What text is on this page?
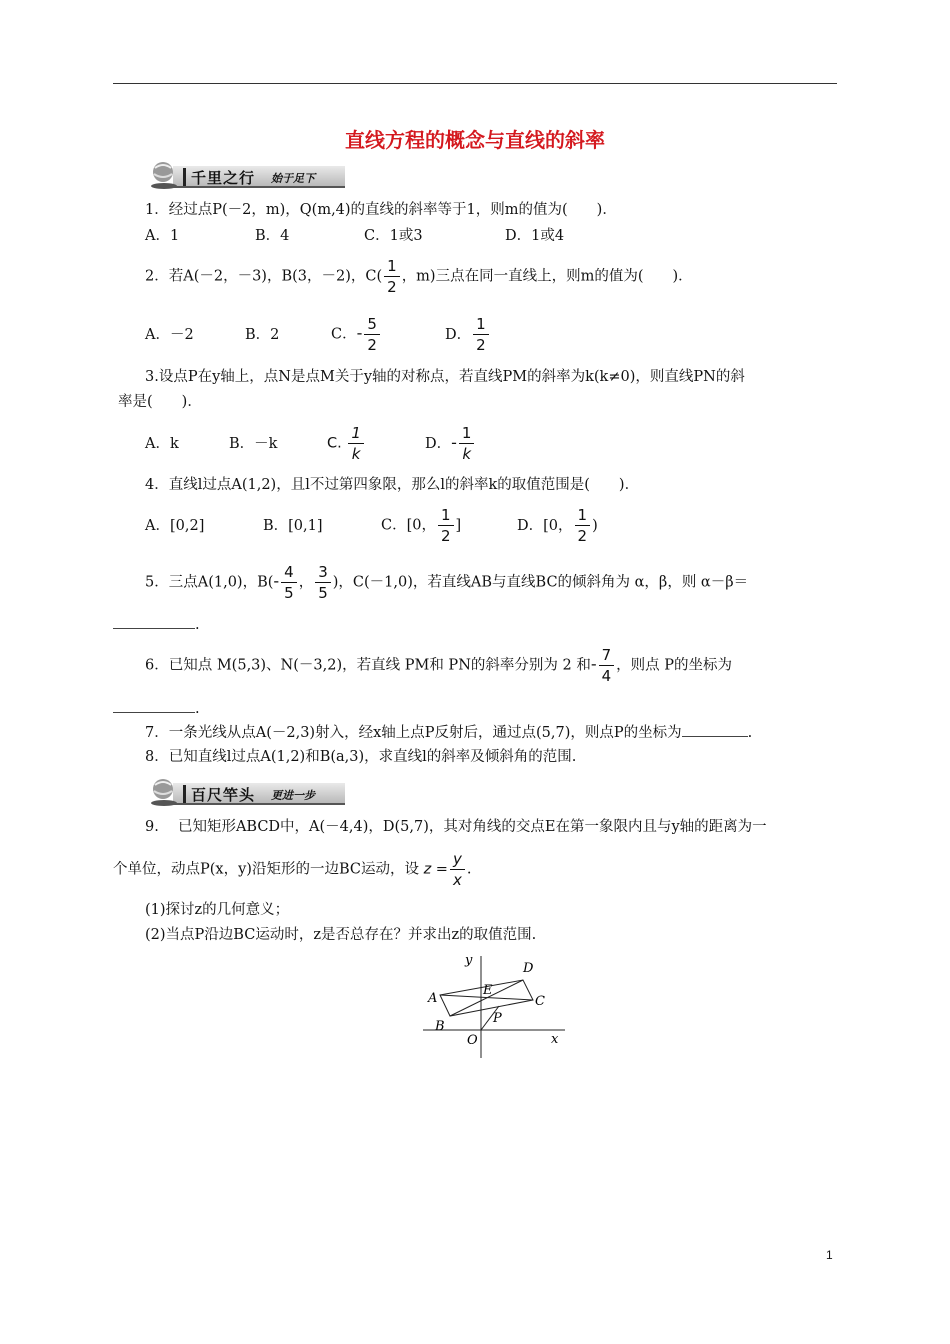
直线方程的概念与直线的斜率
千里之行 始于足下
1．经过点P(－2，m)，Q(m,4)的直线的斜率等于1，则m的值为(　　)．
A．1	B．4	C．1或3	D．1或4
2．若A(－2，－3)，B(3，－2)，$C( \frac{1}{2}$ ，m)三点在同一直线上，则m的值为(　　)．
A．－2	B．2	C．- $\frac{5}{2}$	D． $\frac{1}{2}$
3.设点P在y轴上，点N是点M关于y轴的对称点，若直线PM的斜率为k(k≠0)，则直线PN的斜
率是(　　)．
A．k	B．－k	C. $\frac{1}{k}$	D．- $\frac{1}{k}$
4．直线l过点A(1,2)，且l不过第四象限，那么l的斜率k的取值范围是(　　)．
A．[0,2]	B．[0,1]	C．[0， $\frac{1}{2}$ ]	D．[0， $\frac{1}{2}$ )
5．三点A(1,0)，$B(- \frac{4}{5}$ ， $\frac{3}{5}$ )，C(－1,0)，若直线AB与直线BC的倾斜角为 α，β，则 α－β＝
.
6．已知点 M(5,3)、N(－3,2)，若直线 PM和 PN的斜率分别为 2 和- $\frac{7}{4}$ ，则点 P的坐标为
.
7．一条光线从点A(－2,3)射入，经x轴上点P反射后，通过点(5,7)，则点P的坐标为	.
8．已知直线l过点A(1,2)和B(a,3)，求直线l的斜率及倾斜角的范围.
百尺竿头 更进一步
9.　 已知矩形ABCD中，A(－4,4)，D(5,7)，其对角线的交点E在第一象限内且与y轴的距离为一
个单位，动点P(x，y)沿矩形的一边BC运动，设 $z = \frac{y}{x}$ .
(1)探讨z的几何意义；
(2)当点P沿边BC运动时，z是否总存在？并求出z的取值范围.
y
x
O
A
B
C
D
E
P
1
